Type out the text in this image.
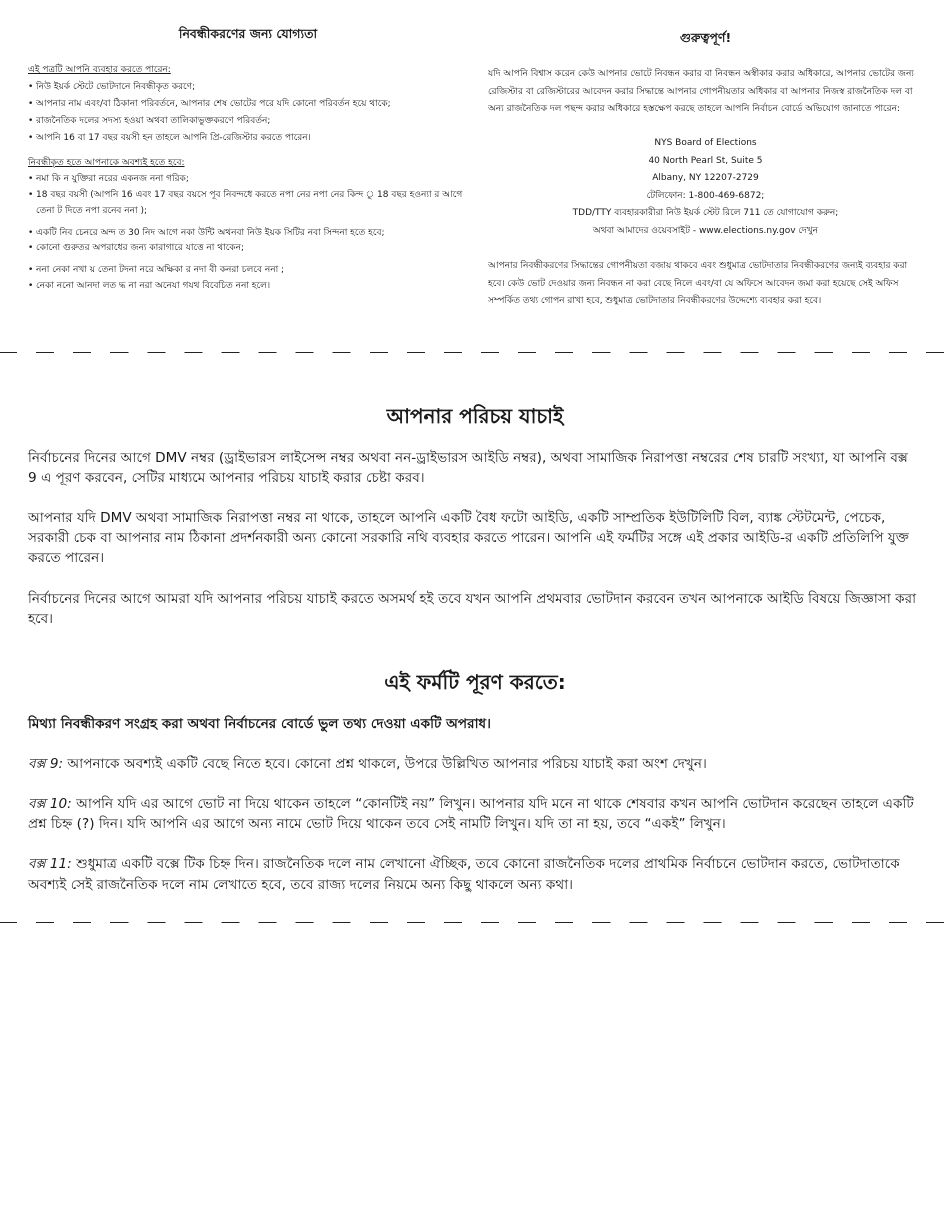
নিবন্ধীকরণের জন্য যোগ্যতা

এই পত্রটি আপনি ব্যবহার করতে পারেন:

• নিউ ইয়র্ক স্টেটে ভোটদানে নিবন্ধীকৃত করণে;
• আপনার নাম এবং/বা ঠিকানা পরিবর্তনে, আপনার শেষ ভোটের পরে যদি কোনো পরিবর্তন হয়ে থাকে;
• রাজনৈতিক দলের সদস্য হওয়া অথবা তালিকাভুক্তকরণে পরিবর্তন;
• আপনি 16 বা 17 বছর বয়সী হন তাহলে আপনি প্রি-রেজিস্টার করতে পারেন।

নিবন্ধীকৃত হতে আপনাকে অবশ্যই হতে হবে:

• নমা কি ন যুক্তিরা নরের একনজ ননা গরিক;
• 18 বছর বয়সী (আপনি 16 এবং 17 বছর বয়সে পূব নিবন্দধে করতে নপা নের নপা নের কিন্দ ু 18 বছর হওন্যা র আগে তেনা ট দিতে নপা রনেব ননা );
• একটি নিব চেনরে অন্দ ত 30 নিদ আগে নকা উন্টি অথনবা নিউ ইয়ক সিটির নবা সিন্দনা হতে হবে;
• কোনো গুরুতর অপরাধের জন্য কারাগারে যাত্তে না থাকেন;
• ননা নেকা নখা য় তেনা টদনা নরে অক্ষিকা র নদা বী কনরা চলবে ননা ;
• নেকা ননো আনদা লত দ্ধ না নরা অনেযা গযথ বিবেচিত ননা হলে।
গুরুত্বপূর্ণ!

যদি আপনি বিশ্বাস করেন কেউ আপনার ভোটে নিবন্ধন করার বা নিবন্ধন অস্বীকার করার অধিকারে, আপনার ভোটের জন্য রেজিস্টার বা রেজিস্টারের আবেদন করার সিদ্ধান্তে আপনার গোপনীয়তার অধিকার বা আপনার নিজস্ব রাজনৈতিক দল বা অন্য রাজনৈতিক দল পছন্দ করার অধিকারে হস্তক্ষেপ করছে তাহলে আপনি নির্বাচন বোর্ডে অভিযোগ জানাতে পারেন:

NYS Board of Elections
40 North Pearl St, Suite 5
Albany, NY 12207-2729
টেলিফোন: 1-800-469-6872;
TDD/TTY ব্যবহারকারীরা নিউ ইয়র্ক স্টেট রিলে 711 তে যোগাযোগ করুন;
অথবা আমাদের ওয়েবসাইট - www.elections.ny.gov দেখুন

আপনার নিবন্ধীকরণের সিদ্ধান্তের গোপনীয়তা বজায় থাকবে এবং শুধুমাত্র ভোটদাতার নিবন্ধীকরণের জন্যই ব্যবহার করা হবে। কেউ ভোট দেওয়ার জন্য নিবন্ধন না করা বেছে নিলে এবং/বা যে অফিসে আবেদন জমা করা হয়েছে সেই অফিস সম্পর্কিত তথ্য গোপন রাখা হবে, শুধুমাত্র ভোটদাতার নিবন্ধীকরণের উদ্দেশ্যে ব্যবহার করা হবে।

আপনার পরিচয় যাচাই

নির্বাচনের দিনের আগে DMV নম্বর (ড্রাইভারস লাইসেন্স নম্বর অথবা নন-ড্রাইভারস আইডি নম্বর), অথবা সামাজিক নিরাপত্তা নম্বরের শেষ চারটি সংখ্যা, যা আপনি বক্স 9 এ পূরণ করবেন, সেটির মাধ্যমে আপনার পরিচয় যাচাই করার চেষ্টা করব।

আপনার যদি DMV অথবা সামাজিক নিরাপত্তা নম্বর না থাকে, তাহলে আপনি একটি বৈধ ফটো আইডি, একটি সাম্প্রতিক ইউটিলিটি বিল, ব্যাঙ্ক স্টেটমেন্ট, পেচেক, সরকারী চেক বা আপনার নাম ঠিকানা প্রদর্শনকারী অন্য কোনো সরকারি নথি ব্যবহার করতে পারেন। আপনি এই ফর্মটির সঙ্গে এই প্রকার আইডি-র একটি প্রতিলিপি যুক্ত করতে পারেন।

নির্বাচনের দিনের আগে আমরা যদি আপনার পরিচয় যাচাই করতে অসমর্থ হই তবে যখন আপনি প্রথমবার ভোটদান করবেন তখন আপনাকে আইডি বিষয়ে জিজ্ঞাসা করা হবে।

এই ফর্মটি পূরণ করতে:

মিথ্যা নিবন্ধীকরণ সংগ্রহ করা অথবা নির্বাচনের বোর্ডে ভুল তথ্য দেওয়া একটি অপরাধ।

বক্স 9: আপনাকে অবশ্যই একটি বেছে নিতে হবে। কোনো প্রশ্ন থাকলে, উপরে উল্লিখিত আপনার পরিচয় যাচাই করা অংশ দেখুন।

বক্স 10: আপনি যদি এর আগে ভোট না দিয়ে থাকেন তাহলে “কোনটিই নয়” লিখুন। আপনার যদি মনে না থাকে শেষবার কখন আপনি ভোটদান করেছেন তাহলে একটি প্রশ্ন চিহ্ন (?) দিন। যদি আপনি এর আগে অন্য নামে ভোট দিয়ে থাকেন তবে সেই নামটি লিখুন। যদি তা না হয়, তবে “একই” লিখুন।

বক্স 11: শুধুমাত্র একটি বক্সে টিক চিহ্ন দিন। রাজনৈতিক দলে নাম লেখানো ঐচ্ছিক, তবে কোনো রাজনৈতিক দলের প্রাথমিক নির্বাচনে ভোটদান করতে, ভোটদাতাকে অবশ্যই সেই রাজনৈতিক দলে নাম লেখাতে হবে, তবে রাজ্য দলের নিয়মে অন্য কিছু থাকলে অন্য কথা।
